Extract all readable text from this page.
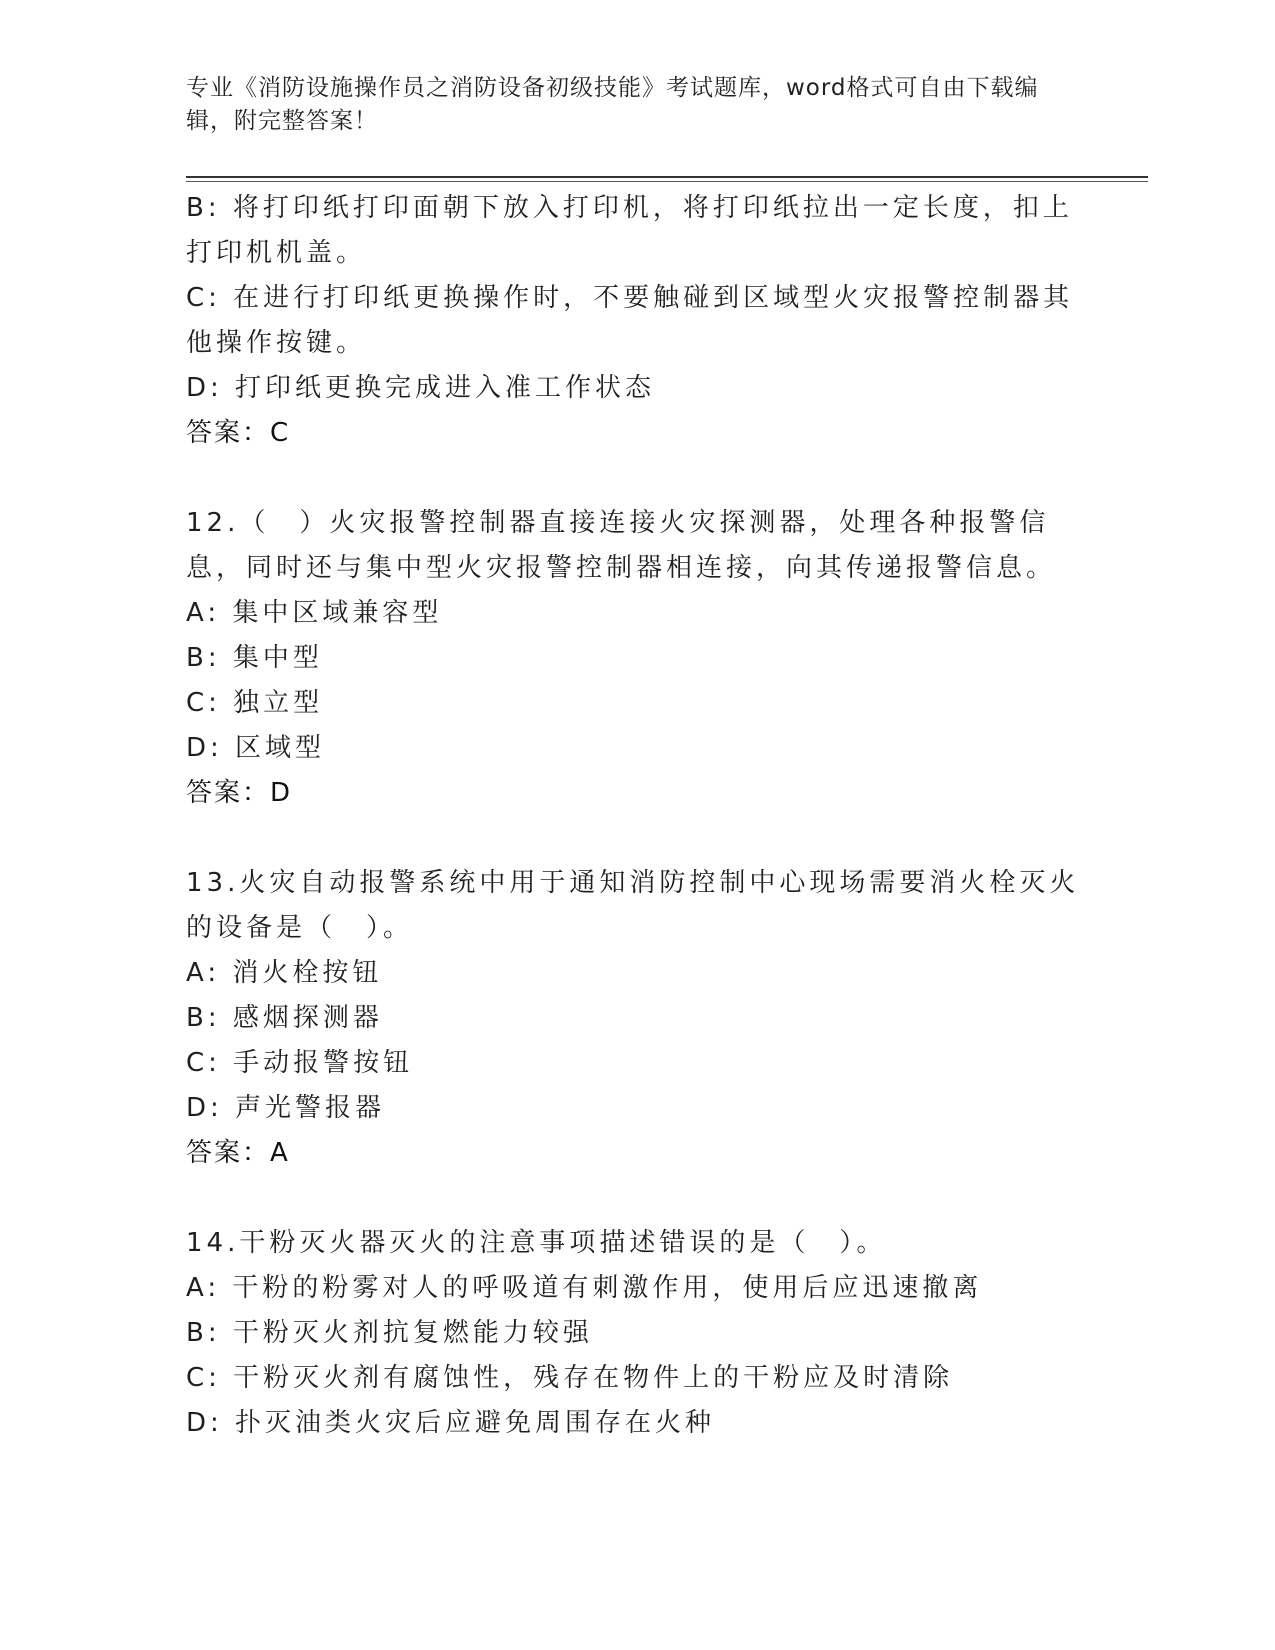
专业《消防设施操作员之消防设备初级技能》考试题库，word格式可自由下载编辑，附完整答案！

B: 将打印纸打印面朝下放入打印机，将打印纸拉出一定长度，扣上打印机机盖。

C: 在进行打印纸更换操作时，不要触碰到区域型火灾报警控制器其他操作按键。

D: 打印纸更换完成进入准工作状态

答案：C

12.（　）火灾报警控制器直接连接火灾探测器，处理各种报警信息，同时还与集中型火灾报警控制器相连接，向其传递报警信息。

A: 集中区域兼容型

B: 集中型

C: 独立型

D: 区域型

答案：D

13.火灾自动报警系统中用于通知消防控制中心现场需要消火栓灭火的设备是（　）。

A: 消火栓按钮

B: 感烟探测器

C: 手动报警按钮

D: 声光警报器

答案：A

14.干粉灭火器灭火的注意事项描述错误的是（　）。

A: 干粉的粉雾对人的呼吸道有刺激作用，使用后应迅速撤离

B: 干粉灭火剂抗复燃能力较强

C: 干粉灭火剂有腐蚀性，残存在物件上的干粉应及时清除

D: 扑灭油类火灾后应避免周围存在火种
